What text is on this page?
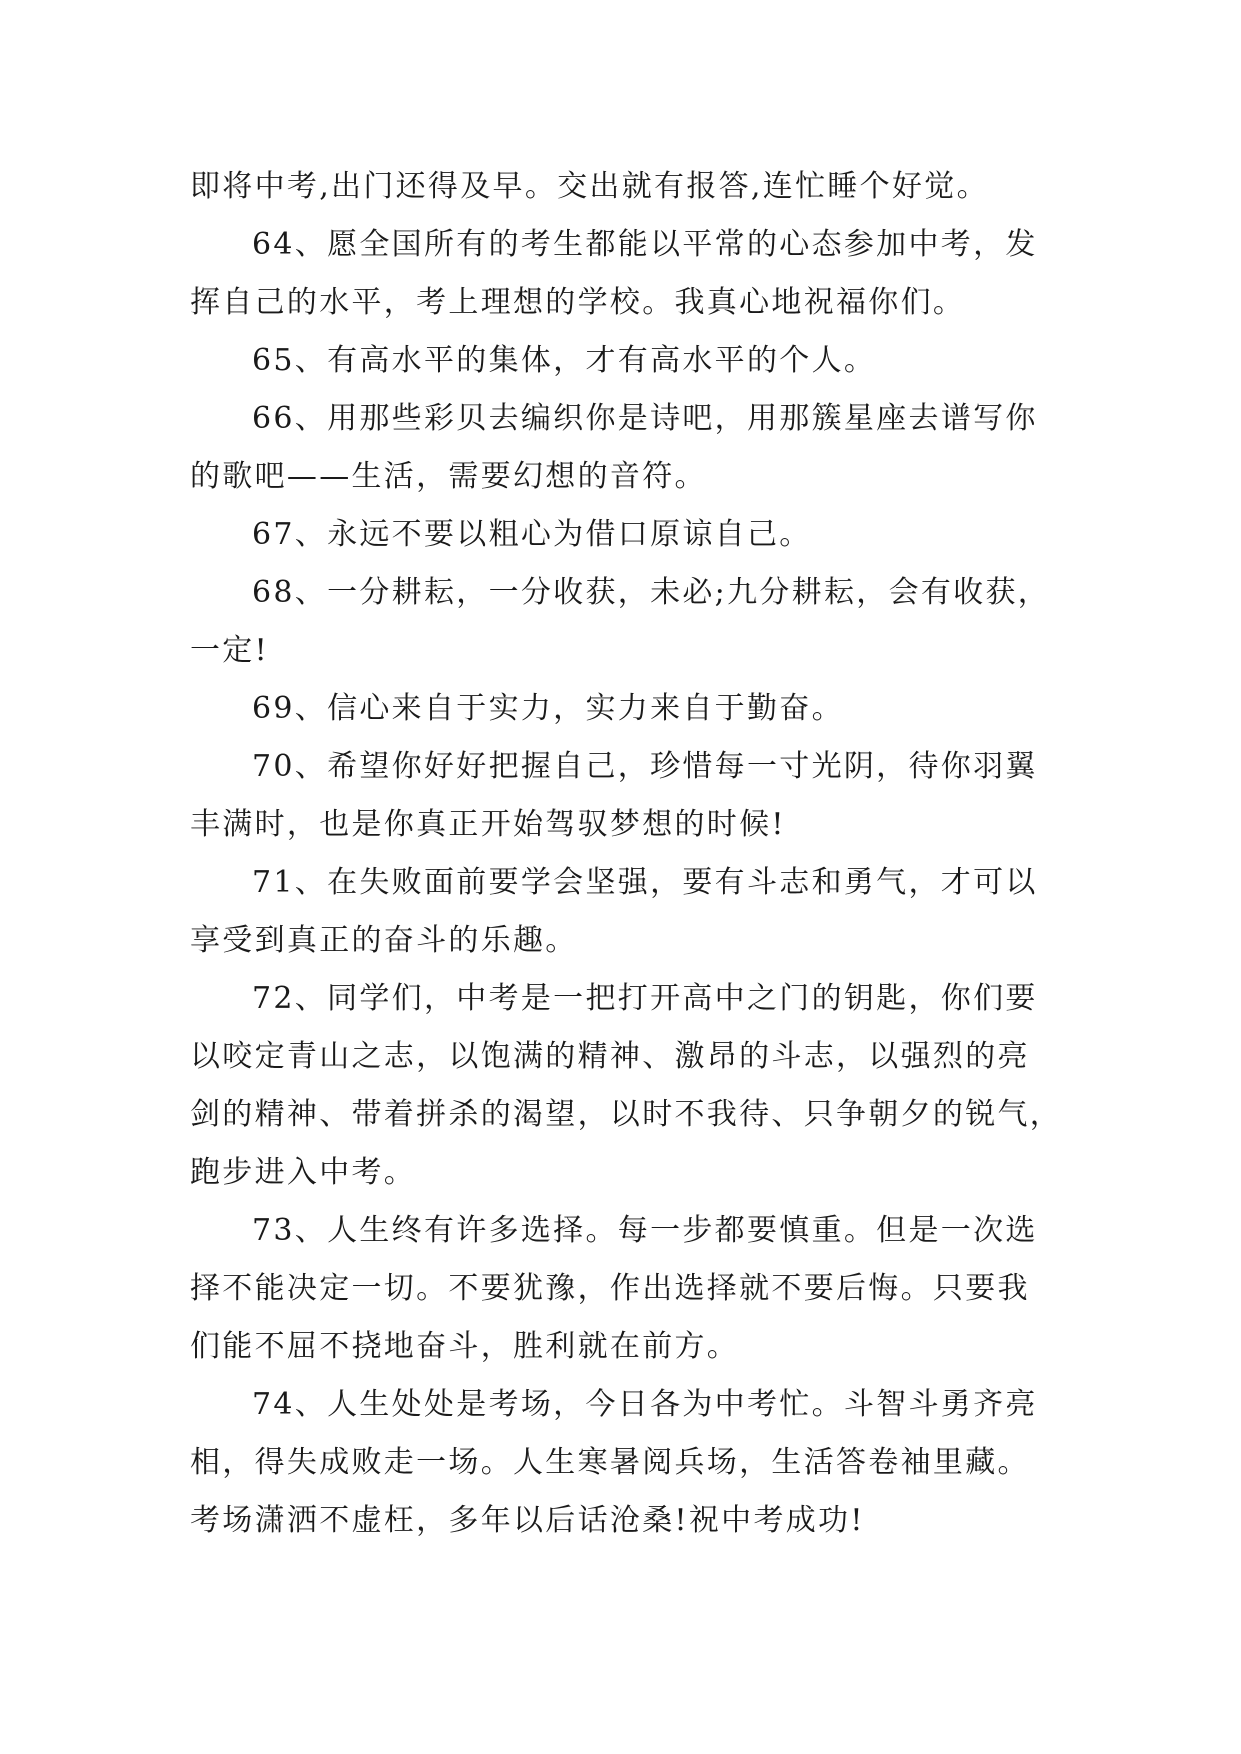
即将中考,出门还得及早。交出就有报答,连忙睡个好觉。
64、愿全国所有的考生都能以平常的心态参加中考，发
挥自己的水平，考上理想的学校。我真心地祝福你们。
65、有高水平的集体，才有高水平的个人。
66、用那些彩贝去编织你是诗吧，用那簇星座去谱写你
的歌吧——生活，需要幻想的音符。
67、永远不要以粗心为借口原谅自己。
68、一分耕耘，一分收获，未必;九分耕耘，会有收获，
一定!
69、信心来自于实力，实力来自于勤奋。
70、希望你好好把握自己，珍惜每一寸光阴，待你羽翼
丰满时，也是你真正开始驾驭梦想的时候!
71、在失败面前要学会坚强，要有斗志和勇气，才可以
享受到真正的奋斗的乐趣。
72、同学们，中考是一把打开高中之门的钥匙，你们要
以咬定青山之志，以饱满的精神、激昂的斗志，以强烈的亮
剑的精神、带着拼杀的渴望，以时不我待、只争朝夕的锐气，
跑步进入中考。
73、人生终有许多选择。每一步都要慎重。但是一次选
择不能决定一切。不要犹豫，作出选择就不要后悔。只要我
们能不屈不挠地奋斗，胜利就在前方。
74、人生处处是考场，今日各为中考忙。斗智斗勇齐亮
相，得失成败走一场。人生寒暑阅兵场，生活答卷袖里藏。
考场潇洒不虚枉，多年以后话沧桑!祝中考成功!
